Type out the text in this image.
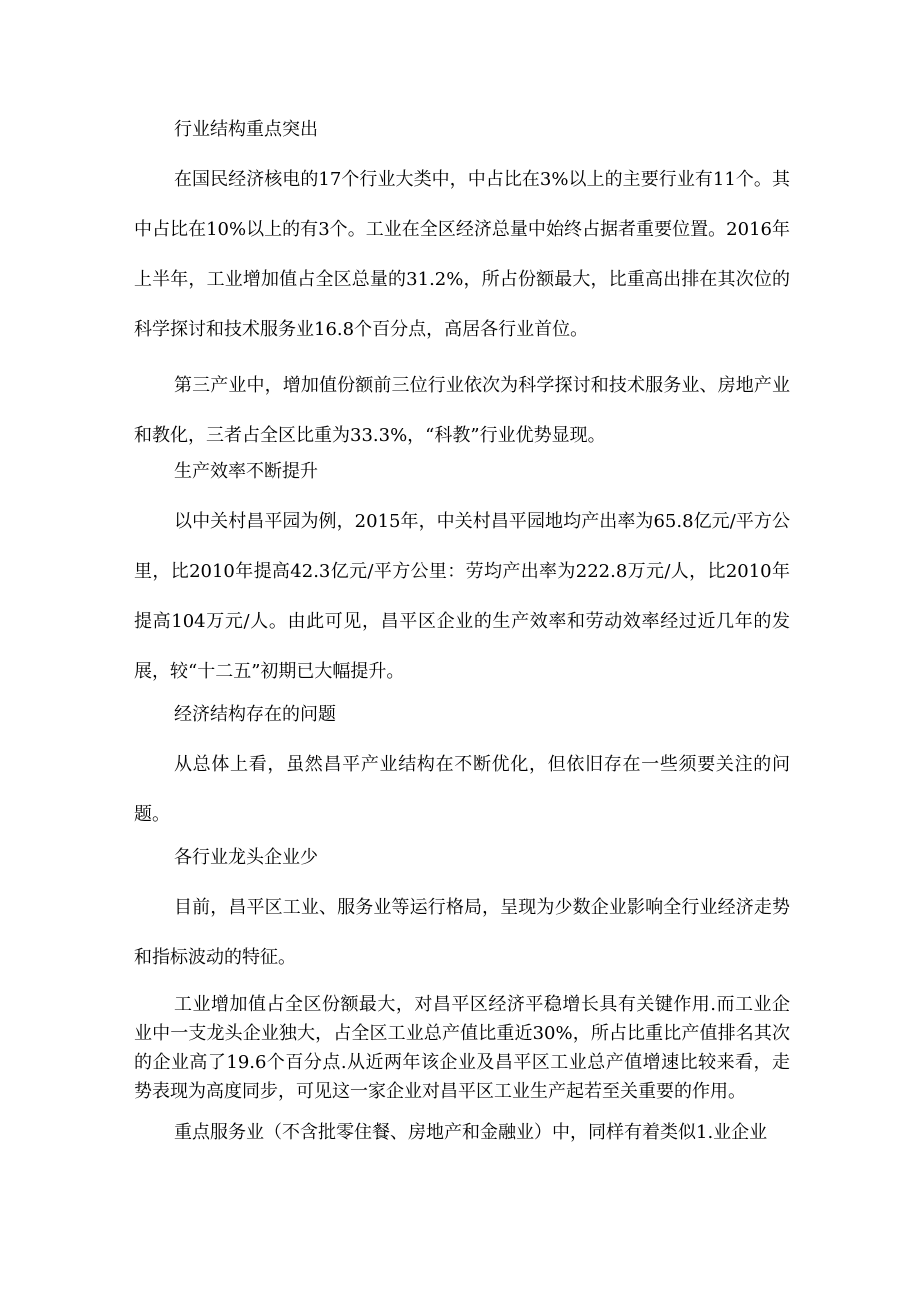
行业结构重点突出

在国民经济核电的17个行业大类中，中占比在3%以上的主要行业有11个。其中占比在10%以上的有3个。工业在全区经济总量中始终占据者重要位置。2016年上半年，工业增加值占全区总量的31.2%，所占份额最大，比重高出排在其次位的科学探讨和技术服务业16.8个百分点，高居各行业首位。

第三产业中，增加值份额前三位行业依次为科学探讨和技术服务业、房地产业和教化，三者占全区比重为33.3%，“科教”行业优势显现。

生产效率不断提升

以中关村昌平园为例，2015年，中关村昌平园地均产出率为65.8亿元/平方公里，比2010年提高42.3亿元/平方公里：劳均产出率为222.8万元/人，比2010年提高104万元/人。由此可见，昌平区企业的生产效率和劳动效率经过近几年的发展，较“十二五”初期已大幅提升。

经济结构存在的问题

从总体上看，虽然昌平产业结构在不断优化，但依旧存在一些须要关注的问题。

各行业龙头企业少

目前，昌平区工业、服务业等运行格局，呈现为少数企业影响全行业经济走势和指标波动的特征。

工业增加值占全区份额最大，对昌平区经济平稳增长具有关键作用.而工业企业中一支龙头企业独大，占全区工业总产值比重近30%，所占比重比产值排名其次的企业高了19.6个百分点.从近两年该企业及昌平区工业总产值增速比较来看，走势表现为高度同步，可见这一家企业对昌平区工业生产起若至关重要的作用。

重点服务业（不含批零住餐、房地产和金融业）中，同样有着类似1.业企业
